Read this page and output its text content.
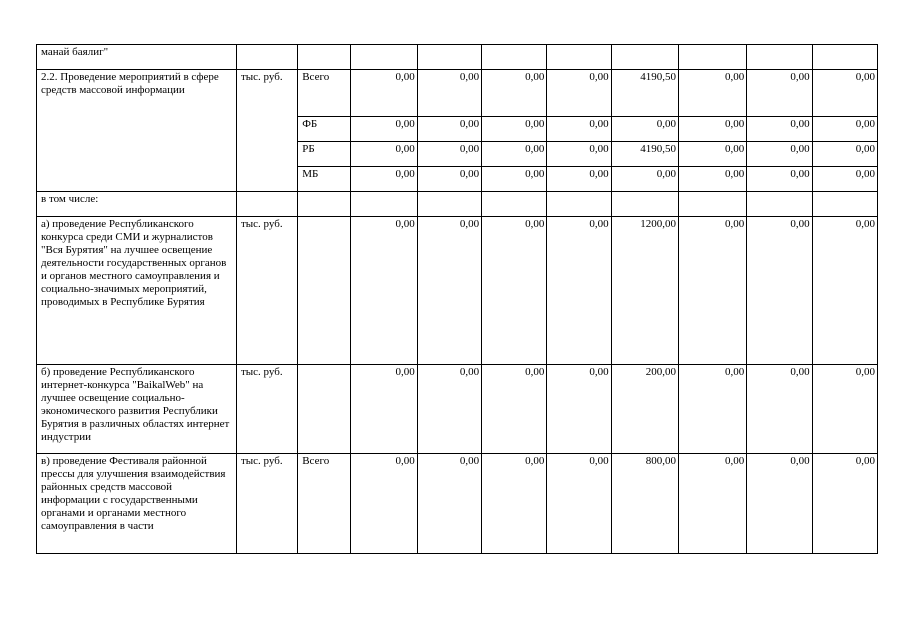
манай баялиг"										
2.2. Проведение мероприятий в сфере средств массовой информации	тыс. руб.	Всего	0,00	0,00	0,00	0,00	4190,50	0,00	0,00	0,00
		ФБ	0,00	0,00	0,00	0,00	0,00	0,00	0,00	0,00
		РБ	0,00	0,00	0,00	0,00	4190,50	0,00	0,00	0,00
		МБ	0,00	0,00	0,00	0,00	0,00	0,00	0,00	0,00
в том числе:										
а) проведение Республиканского конкурса среди СМИ и журналистов "Вся Бурятия" на лучшее освещение деятельности государственных органов и органов местного самоуправления и социально-значимых мероприятий, проводимых в Республике Бурятия	тыс. руб.		0,00	0,00	0,00	0,00	1200,00	0,00	0,00	0,00
б) проведение Республиканского интернет-конкурса "BaikalWeb" на лучшее освещение социально-экономического развития Республики Бурятия в различных областях интернет индустрии	тыс. руб.		0,00	0,00	0,00	0,00	200,00	0,00	0,00	0,00
в) проведение Фестиваля районной прессы для улучшения взаимодействия районных средств массовой информации с государственными органами и органами местного самоуправления в части	тыс. руб.	Всего	0,00	0,00	0,00	0,00	800,00	0,00	0,00	0,00
